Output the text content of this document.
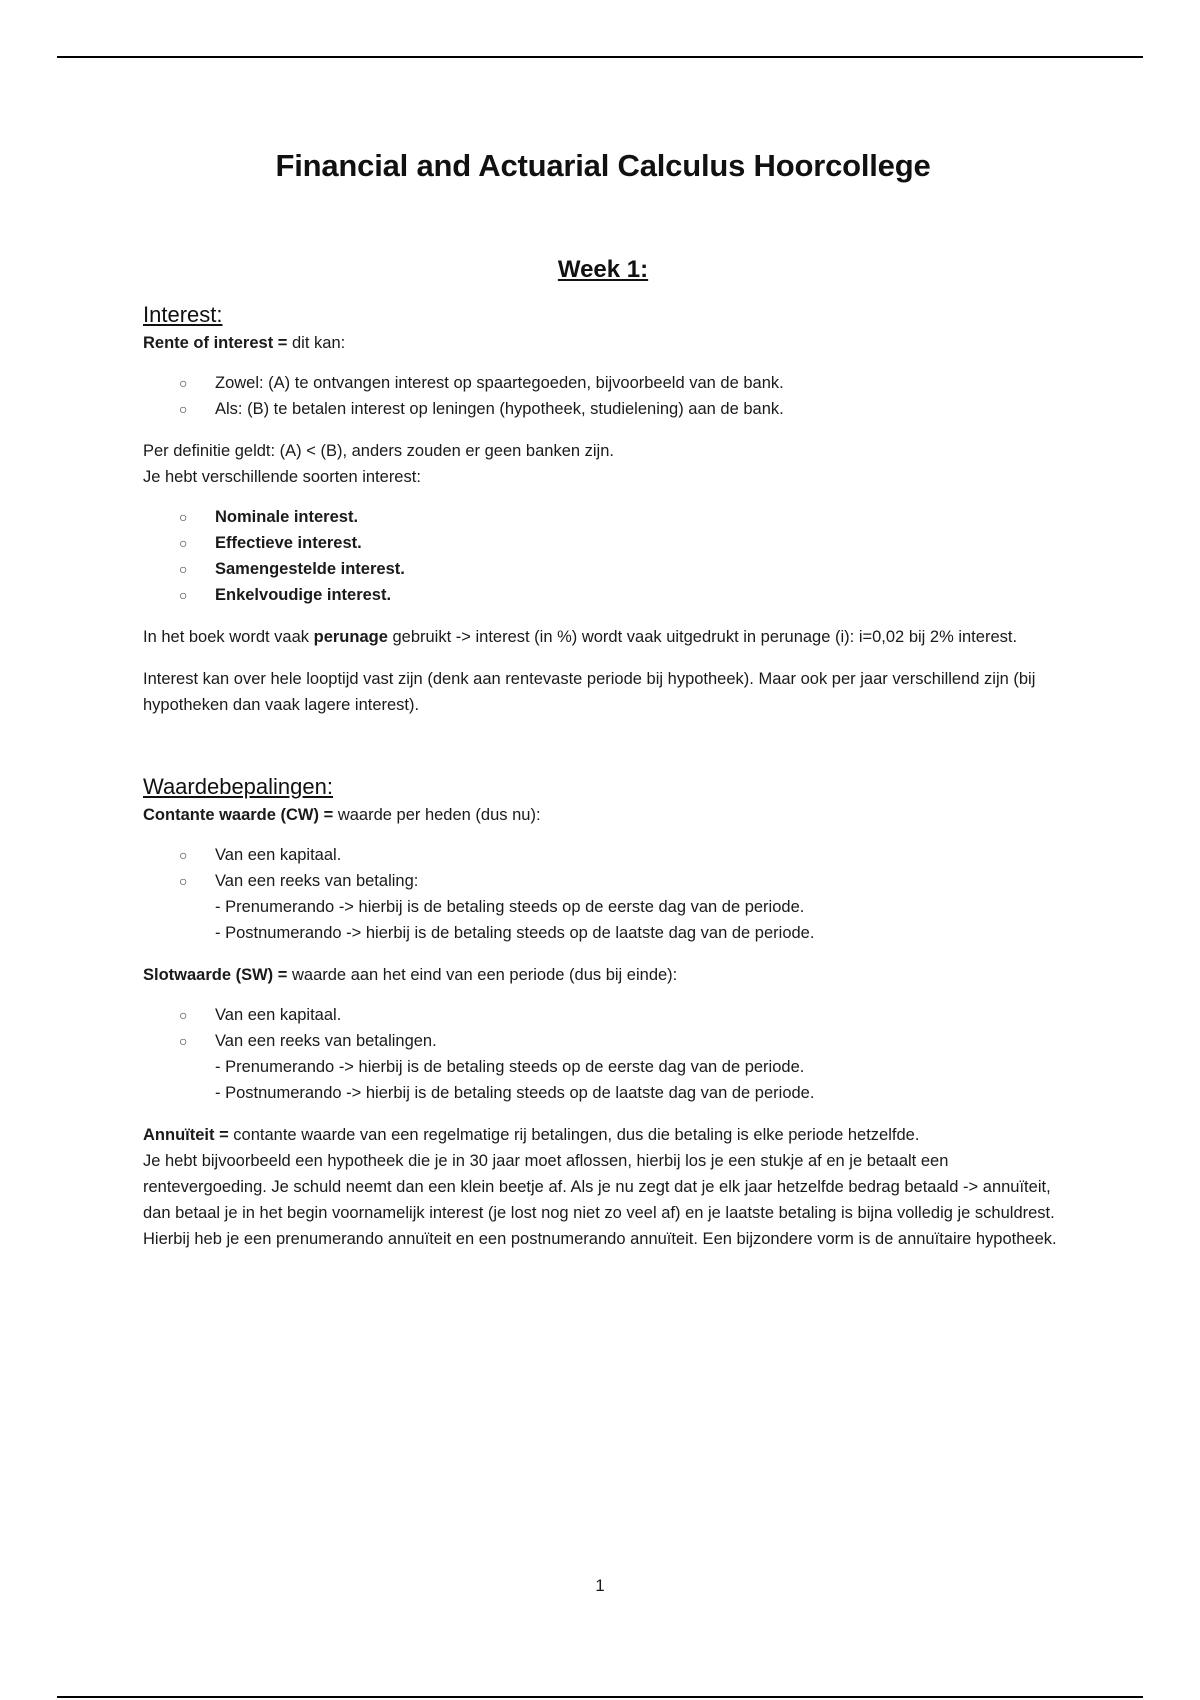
Financial and Actuarial Calculus Hoorcollege
Week 1:
Interest:

Rente of interest = dit kan:

○ Zowel: (A) te ontvangen interest op spaartegoeden, bijvoorbeeld van de bank.
○ Als: (B) te betalen interest op leningen (hypotheek, studielening) aan de bank.

Per definitie geldt: (A) < (B), anders zouden er geen banken zijn.
Je hebt verschillende soorten interest:

○ Nominale interest.
○ Effectieve interest.
○ Samengestelde interest.
○ Enkelvoudige interest.

In het boek wordt vaak perunage gebruikt -> interest (in %) wordt vaak uitgedrukt in perunage (i): i=0,02 bij 2% interest.

Interest kan over hele looptijd vast zijn (denk aan rentevaste periode bij hypotheek). Maar ook per jaar verschillend zijn (bij hypotheken dan vaak lagere interest).

Waardebepalingen:

Contante waarde (CW) = waarde per heden (dus nu):

○ Van een kapitaal.
○ Van een reeks van betaling:
- Prenumerando -> hierbij is de betaling steeds op de eerste dag van de periode.
- Postnumerando -> hierbij is de betaling steeds op de laatste dag van de periode.

Slotwaarde (SW) = waarde aan het eind van een periode (dus bij einde):

○ Van een kapitaal.
○ Van een reeks van betalingen.
- Prenumerando -> hierbij is de betaling steeds op de eerste dag van de periode.
- Postnumerando -> hierbij is de betaling steeds op de laatste dag van de periode.

Annuïteit = contante waarde van een regelmatige rij betalingen, dus die betaling is elke periode hetzelfde.
Je hebt bijvoorbeeld een hypotheek die je in 30 jaar moet aflossen, hierbij los je een stukje af en je betaalt een rentevergoeding. Je schuld neemt dan een klein beetje af. Als je nu zegt dat je elk jaar hetzelfde bedrag betaald -> annuïteit, dan betaal je in het begin voornamelijk interest (je lost nog niet zo veel af) en je laatste betaling is bijna volledig je schuldrest.
Hierbij heb je een prenumerando annuïteit en een postnumerando annuïteit. Een bijzondere vorm is de annuïtaire hypotheek.

1
